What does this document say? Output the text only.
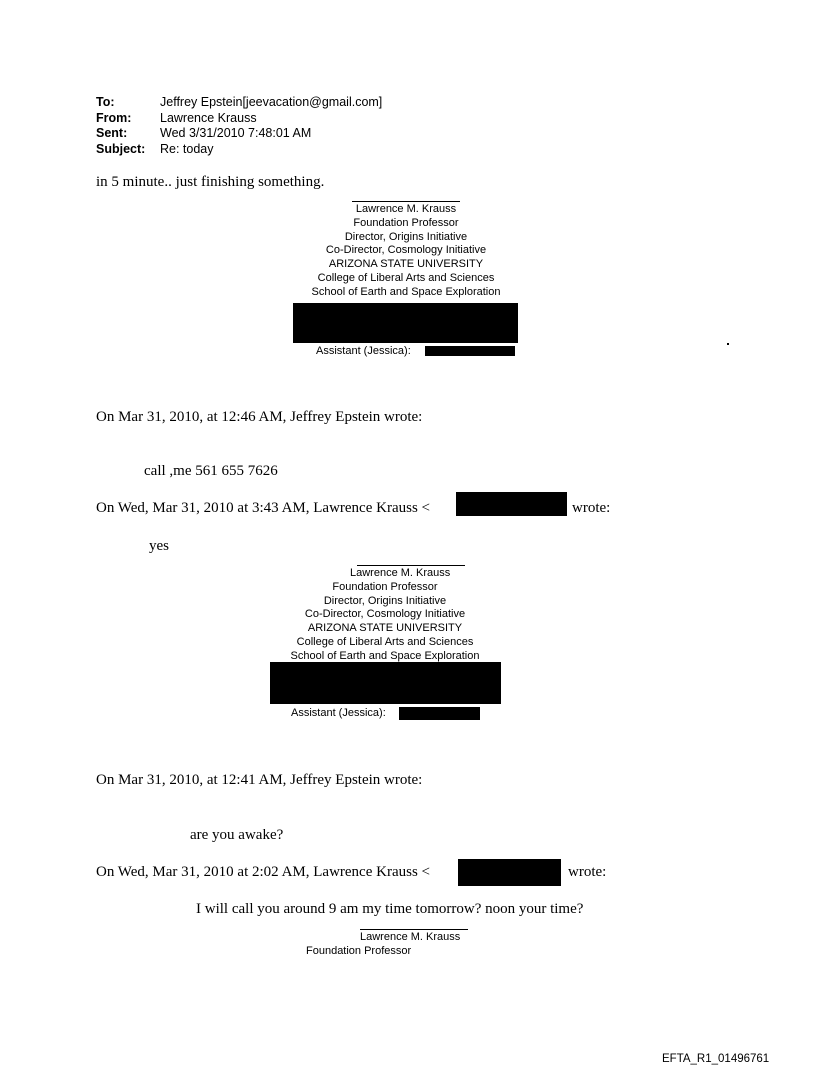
To:	Jeffrey Epstein[jeevacation@gmail.com]
From:	Lawrence Krauss
Sent:	Wed 3/31/2010 7:48:01 AM
Subject:	Re: today
in 5 minute.. just finishing something.
Lawrence M. Krauss
Foundation Professor
Director, Origins Initiative
Co-Director, Cosmology Initiative
ARIZONA STATE UNIVERSITY
College of Liberal Arts and Sciences
School of Earth and Space Exploration
Assistant (Jessica):
On Mar 31, 2010, at 12:46 AM, Jeffrey Epstein wrote:
call ,me 561 655 7626
On Wed, Mar 31, 2010 at 3:43 AM, Lawrence Krauss <	wrote:
yes
Lawrence M. Krauss
Foundation Professor
Director, Origins Initiative
Co-Director, Cosmology Initiative
ARIZONA STATE UNIVERSITY
College of Liberal Arts and Sciences
School of Earth and Space Exploration
Assistant (Jessica):
On Mar 31, 2010, at 12:41 AM, Jeffrey Epstein wrote:
are you awake?
On Wed, Mar 31, 2010 at 2:02 AM, Lawrence Krauss <	wrote:
I will call you around 9 am my time tomorrow? noon your time?
Lawrence M. Krauss
Foundation Professor
EFTA_R1_01496761
